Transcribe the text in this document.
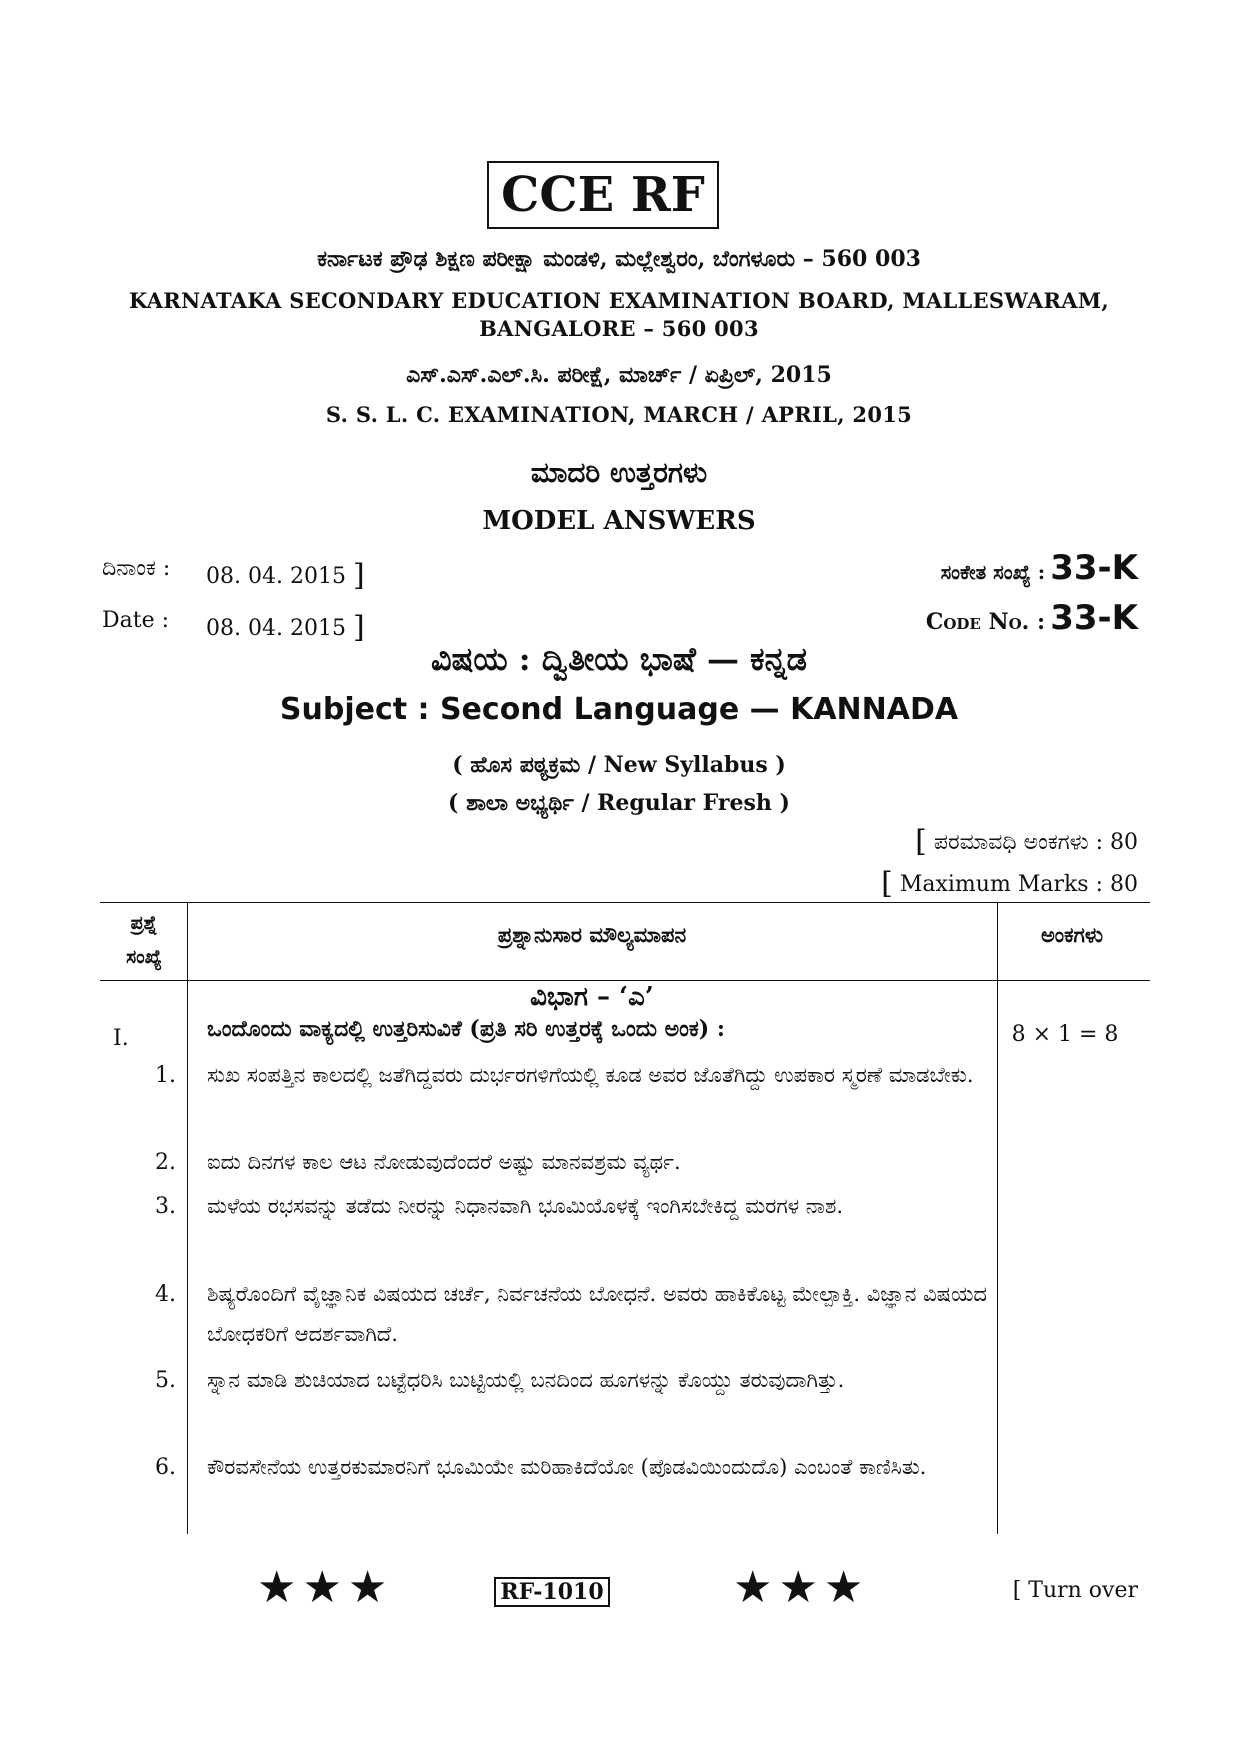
CCE RF
ಕರ್ನಾಟಕ ಪ್ರೌಢ ಶಿಕ್ಷಣ ಪರೀಕ್ಷಾ ಮಂಡಳಿ, ಮಲ್ಲೇಶ್ವರಂ, ಬೆಂಗಳೂರು – 560 003
KARNATAKA SECONDARY EDUCATION EXAMINATION BOARD, MALLESWARAM,
BANGALORE – 560 003
ಎಸ್.ಎಸ್.ಎಲ್.ಸಿ. ಪರೀಕ್ಷೆ, ಮಾರ್ಚ್ / ಏಪ್ರಿಲ್, 2015
S. S. L. C. EXAMINATION, MARCH / APRIL, 2015
ಮಾದರಿ ಉತ್ತರಗಳು
MODEL ANSWERS
ದಿನಾಂಕ : 08. 04. 2015 ]
Date : 08. 04. 2015 ]
ಸಂಕೇತ ಸಂಖ್ಯೆ : 33-K
Code No. : 33-K
ವಿಷಯ : ದ್ವಿತೀಯ ಭಾಷೆ — ಕನ್ನಡ
Subject : Second Language — KANNADA
( ಹೊಸ ಪಠ್ಯಕ್ರಮ / New Syllabus )
( ಶಾಲಾ ಅಭ್ಯರ್ಥಿ / Regular Fresh )
[ ಪರಮಾವಧಿ ಅಂಕಗಳು : 80
[ Maximum Marks : 80
ಪ್ರಶ್ನೆ
ಸಂಖ್ಯೆ
ಪ್ರಶ್ನಾನುಸಾರ ಮೌಲ್ಯಮಾಪನ	ಅಂಕಗಳು
ವಿಭಾಗ – ‘ಎ’
I.	ಒಂದೊಂದು ವಾಕ್ಯದಲ್ಲಿ ಉತ್ತರಿಸುವಿಕೆ (ಪ್ರತಿ ಸರಿ ಉತ್ತರಕ್ಕೆ ಒಂದು ಅಂಕ) :	8 × 1 = 8
1. ಸುಖ ಸಂಪತ್ತಿನ ಕಾಲದಲ್ಲಿ ಜತೆಗಿದ್ದವರು ದುರ್ಭರಗಳಿಗೆಯಲ್ಲಿ ಕೂಡ ಅವರ ಜೊತೆಗಿದ್ದು ಉಪಕಾರ ಸ್ಮರಣೆ ಮಾಡಬೇಕು.
2. ಐದು ದಿನಗಳ ಕಾಲ ಆಟ ನೋಡುವುದೆಂದರೆ ಅಷ್ಟು ಮಾನವಶ್ರಮ ವ್ಯರ್ಥ.
3. ಮಳೆಯ ರಭಸವನ್ನು ತಡೆದು ನೀರನ್ನು ನಿಧಾನವಾಗಿ ಭೂಮಿಯೊಳಕ್ಕೆ ಇಂಗಿಸಬೇಕಿದ್ದ ಮರಗಳ ನಾಶ.
4. ಶಿಷ್ಯರೊಂದಿಗೆ ವೈಜ್ಞಾನಿಕ ವಿಷಯದ ಚರ್ಚೆ, ನಿರ್ವಚನೆಯ ಬೋಧನೆ. ಅವರು ಹಾಕಿಕೊಟ್ಟ ಮೇಲ್ಪಾಕ್ತಿ. ವಿಜ್ಞಾನ ವಿಷಯದ ಬೋಧಕರಿಗೆ ಆದರ್ಶವಾಗಿದೆ.
5. ಸ್ನಾನ ಮಾಡಿ ಶುಚಿಯಾದ ಬಟ್ಟೆಧರಿಸಿ ಬುಟ್ಟಿಯಲ್ಲಿ ಬನದಿಂದ ಹೂಗಳನ್ನು ಕೊಯ್ದು ತರುವುದಾಗಿತ್ತು.
6. ಕೌರವಸೇನೆಯ ಉತ್ತರಕುಮಾರನಿಗೆ ಭೂಮಿಯೇ ಮರಿಹಾಕಿದೆಯೋ (ಪೊಡವಿಯಿಂದುದೊ) ಎಂಬಂತೆ ಕಾಣಿಸಿತು.
★★★	RF-1010	★★★	[ Turn over
